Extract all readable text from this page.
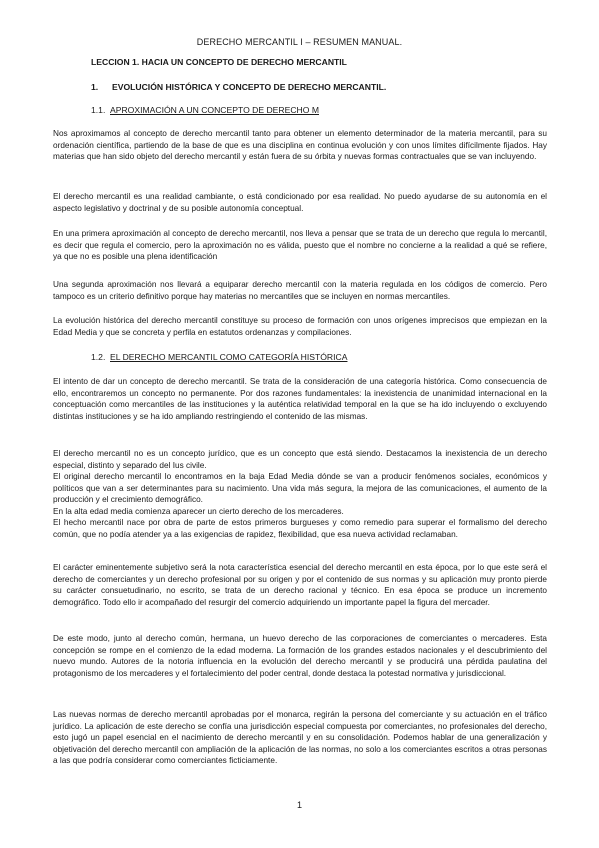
DERECHO MERCANTIL I – RESUMEN MANUAL.
LECCION 1. HACIA UN CONCEPTO DE DERECHO MERCANTIL
1. EVOLUCIÓN HISTÓRICA Y CONCEPTO DE DERECHO MERCANTIL.
1.1. APROXIMACIÓN A UN CONCEPTO DE DERECHO M

Nos aproximamos al concepto de derecho mercantil tanto para obtener un elemento determinador de la materia mercantil, para su ordenación científica, partiendo de la base de que es una disciplina en continua evolución y con unos límites difícilmente fijados. Hay materias que han sido objeto del derecho mercantil y están fuera de su órbita y nuevas formas contractuales que se van incluyendo.

El derecho mercantil es una realidad cambiante, o está condicionado por esa realidad. No puedo ayudarse de su autonomía en el aspecto legislativo y doctrinal y de su posible autonomía conceptual.

En una primera aproximación al concepto de derecho mercantil, nos lleva a pensar que se trata de un derecho que regula lo mercantil, es decir que regula el comercio, pero la aproximación no es válida, puesto que el nombre no concierne a la realidad a qué se refiere, ya que no es posible una plena identificación

Una segunda aproximación nos llevará a equiparar derecho mercantil con la materia regulada en los códigos de comercio. Pero tampoco es un criterio definitivo porque hay materias no mercantiles que se incluyen en normas mercantiles.

La evolución histórica del derecho mercantil constituye su proceso de formación con unos orígenes imprecisos que empiezan en la Edad Media y que se concreta y perfila en estatutos ordenanzas y compilaciones.

1.2. EL DERECHO MERCANTIL COMO CATEGORÍA HISTÓRICA

El intento de dar un concepto de derecho mercantil. Se trata de la consideración de una categoría histórica. Como consecuencia de ello, encontraremos un concepto no permanente. Por dos razones fundamentales: la inexistencia de unanimidad internacional en la conceptuación como mercantiles de las instituciones y la auténtica relatividad temporal en la que se ha ido incluyendo o excluyendo distintas instituciones y se ha ido ampliando restringiendo el contenido de las mismas.

El derecho mercantil no es un concepto jurídico, que es un concepto que está siendo. Destacamos la inexistencia de un derecho especial, distinto y separado del Ius civile.
El original derecho mercantil lo encontramos en la baja Edad Media dónde se van a producir fenómenos sociales, económicos y políticos que van a ser determinantes para su nacimiento. Una vida más segura, la mejora de las comunicaciones, el aumento de la producción y el crecimiento demográfico.
En la alta edad media comienza aparecer un cierto derecho de los mercaderes.
El hecho mercantil nace por obra de parte de estos primeros burgueses y como remedio para superar el formalismo del derecho común, que no podía atender ya a las exigencias de rapidez, flexibilidad, que esa nueva actividad reclamaban.

El carácter eminentemente subjetivo será la nota característica esencial del derecho mercantil en esta época, por lo que este será el derecho de comerciantes y un derecho profesional por su origen y por el contenido de sus normas y su aplicación muy pronto pierde su carácter consuetudinario, no escrito, se trata de un derecho racional y técnico. En esa época se produce un incremento demográfico. Todo ello ir acompañado del resurgir del comercio adquiriendo un importante papel la figura del mercader.

De este modo, junto al derecho común, hermana, un huevo derecho de las corporaciones de comerciantes o mercaderes. Esta concepción se rompe en el comienzo de la edad moderna. La formación de los grandes estados nacionales y el descubrimiento del nuevo mundo. Autores de la notoria influencia en la evolución del derecho mercantil y se producirá una pérdida paulatina del protagonismo de los mercaderes y el fortalecimiento del poder central, donde destaca la potestad normativa y jurisdiccional.

Las nuevas normas de derecho mercantil aprobadas por el monarca, regirán la persona del comerciante y su actuación en el tráfico jurídico. La aplicación de este derecho se confía una jurisdicción especial compuesta por comerciantes, no profesionales del derecho, esto jugó un papel esencial en el nacimiento de derecho mercantil y en su consolidación. Podemos hablar de una generalización y objetivación del derecho mercantil con ampliación de la aplicación de las normas, no solo a los comerciantes escritos a otras personas a las que podría considerar como comerciantes ficticiamente.

1
